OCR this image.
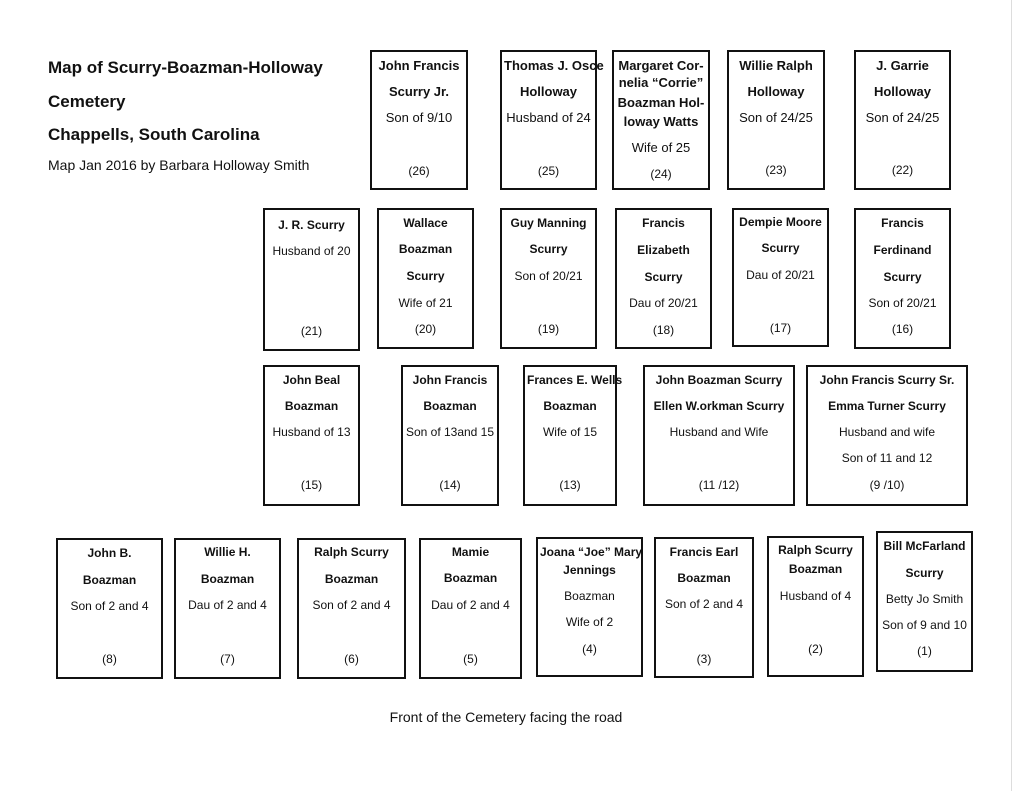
Map of Scurry-Boazman-Holloway
Cemetery
Chappells, South Carolina

Map Jan 2016 by Barbara Holloway Smith

John Francis
Scurry Jr.
Son of 9/10
(26)
Thomas J. Osce
Holloway
Husband of 24
(25)
Margaret Cor-
nelia “Corrie”
Boazman Hol-
loway Watts
Wife of 25
(24)
Willie Ralph
Holloway
Son of 24/25
(23)
J. Garrie
Holloway
Son of 24/25
(22)
J. R. Scurry
Husband of 20
(21)
Wallace
Boazman
Scurry
Wife of 21
(20)
Guy Manning
Scurry
Son of 20/21
(19)
Francis
Elizabeth
Scurry
Dau of 20/21
(18)
Dempie Moore
Scurry
Dau of 20/21
(17)
Francis
Ferdinand
Scurry
Son of 20/21
(16)
John Beal
Boazman
Husband of 13
(15)
John Francis
Boazman
Son of 13and 15
(14)
Frances E. Wells
Boazman
Wife of 15
(13)
John Boazman Scurry
Ellen W.orkman Scurry
Husband and Wife
(11 /12)
John Francis Scurry Sr.
Emma Turner Scurry
Husband and wife
Son of 11 and 12
(9 /10)
John B.
Boazman
Son of 2 and 4
(8)
Willie H.
Boazman
Dau of 2 and 4
(7)
Ralph Scurry
Boazman
Son of 2 and 4
(6)
Mamie
Boazman
Dau of 2 and 4
(5)
Joana “Joe” Mary
Jennings
Boazman
Wife of 2
(4)
Francis Earl
Boazman
Son of 2 and 4
(3)
Ralph Scurry
Boazman
Husband of 4
(2)
Bill McFarland
Scurry
Betty Jo Smith
Son of 9 and 10
(1)
Front of the Cemetery facing the road
